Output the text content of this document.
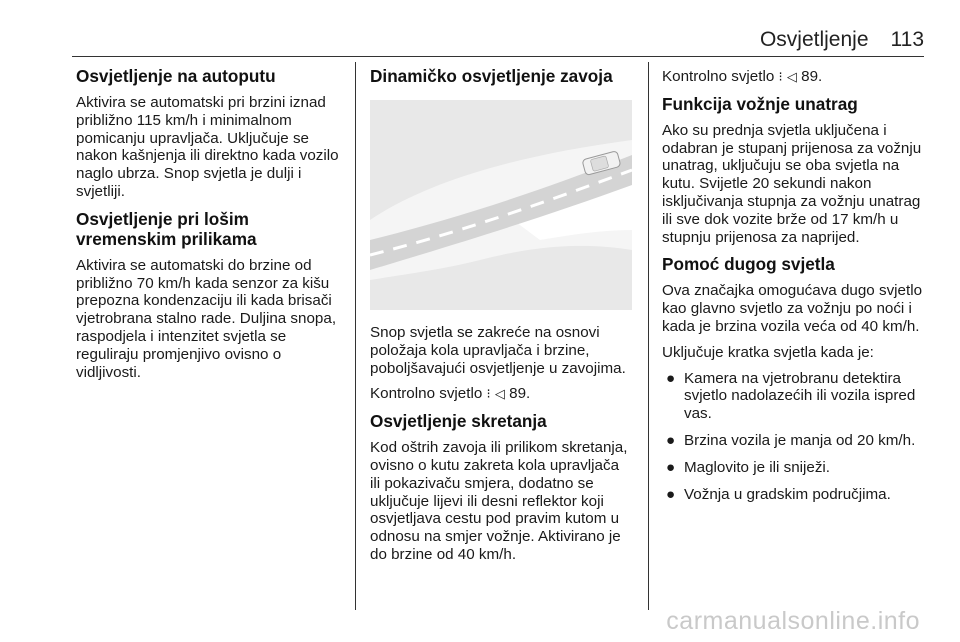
Osvjetljenje 113
Osvjetljenje na autoputu

Aktivira se automatski pri brzini iznad približno 115 km/h i minimalnom pomicanju upravljača. Uključuje se nakon kašnjenja ili direktno kada vozilo naglo ubrza. Snop svjetla je dulji i svjetliji.

Osvjetljenje pri lošim vremenskim prilikama

Aktivira se automatski do brzine od približno 70 km/h kada senzor za kišu prepozna kondenzaciju ili kada brisači vjetrobrana stalno rade. Duljina snopa, raspodjela i intenzitet svjetla se reguliraju promjenjivo ovisno o vidljivosti.

Dinamičko osvjetljenje zavoja

Snop svjetla se zakreće na osnovi položaja kola upravljača i brzine, poboljšavajući osvjetljenje u zavojima.

Kontrolno svjetlo ⁝ ◁ 89.

Osvjetljenje skretanja

Kod oštrih zavoja ili prilikom skretanja, ovisno o kutu zakreta kola upravljača ili pokazivaču smjera, dodatno se uključuje lijevi ili desni reflektor koji osvjetljava cestu pod pravim kutom u odnosu na smjer vožnje. Aktivirano je do brzine od 40 km/h.

Kontrolno svjetlo ⁝ ◁ 89.

Funkcija vožnje unatrag

Ako su prednja svjetla uključena i odabran je stupanj prijenosa za vožnju unatrag, uključuju se oba svjetla na kutu. Svijetle 20 sekundi nakon isključivanja stupnja za vožnju unatrag ili sve dok vozite brže od 17 km/h u stupnju prijenosa za naprijed.

Pomoć dugog svjetla

Ova značajka omogućava dugo svjetlo kao glavno svjetlo za vožnju po noći i kada je brzina vozila veća od 40 km/h.

Uključuje kratka svjetla kada je:

● Kamera na vjetrobranu detektira svjetlo nadolazećih ili vozila ispred vas.
● Brzina vozila je manja od 20 km/h.
● Maglovito je ili sniježi.
● Vožnja u gradskim područjima.
carmanualsonline.info
